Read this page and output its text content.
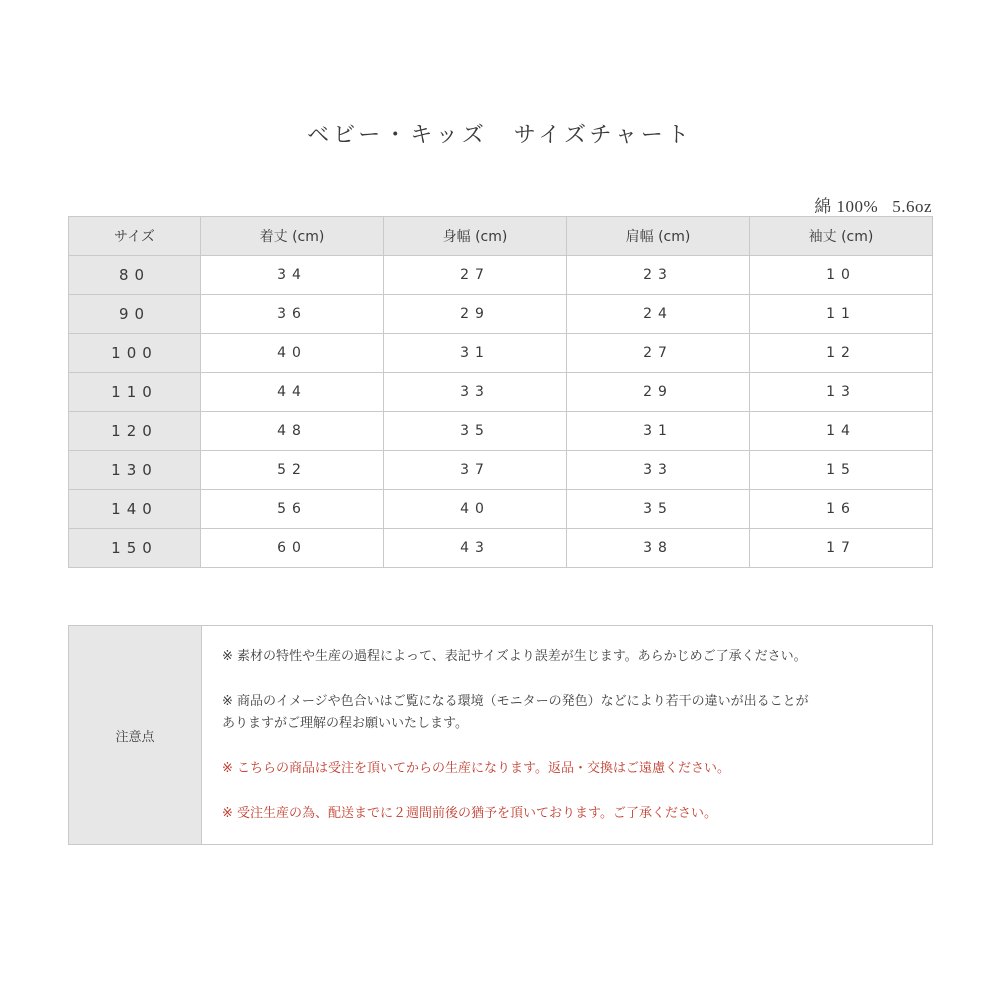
ベビー・キッズ　サイズチャート
綿 100% 5.6oz
サイズ	着丈 (cm)	身幅 (cm)	肩幅 (cm)	袖丈 (cm)
80	34	27	23	10
90	36	29	24	11
100	40	31	27	12
110	44	33	29	13
120	48	35	31	14
130	52	37	33	15
140	56	40	35	16
150	60	43	38	17
注意点
※ 素材の特性や生産の過程によって、表記サイズより誤差が生じます。あらかじめご了承ください。
※ 商品のイメージや色合いはご覧になる環境（モニターの発色）などにより若干の違いが出ることが
ありますがご理解の程お願いいたします。
※ こちらの商品は受注を頂いてからの生産になります。返品・交換はご遠慮ください。
※ 受注生産の為、配送までに２週間前後の猶予を頂いております。ご了承ください。
